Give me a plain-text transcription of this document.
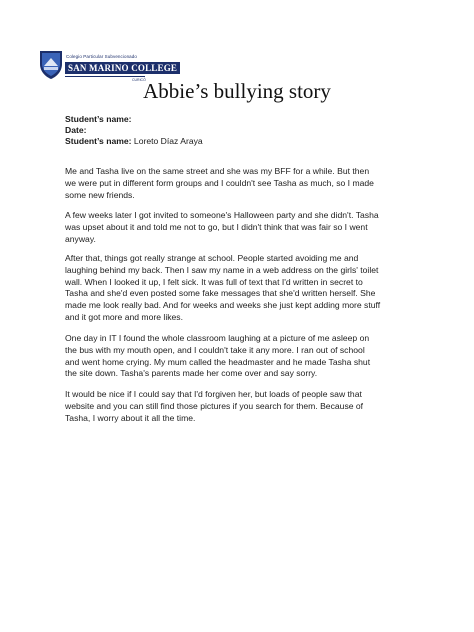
Colegio Particular Subvencionado
SAN MARINO COLLEGE
CURICÓ
Abbie’s bullying story
Student’s name:
Date:
Student’s name: Loreto Díaz Araya
Me and Tasha live on the same street and she was my BFF for a while. But then
we were put in different form groups and I couldn't see Tasha as much, so I made
some new friends.
A few weeks later I got invited to someone's Halloween party and she didn't. Tasha
was upset about it and told me not to go, but I didn't think that was fair so I went
anyway.
After that, things got really strange at school. People started avoiding me and
laughing behind my back. Then I saw my name in a web address on the girls' toilet
wall. When I looked it up, I felt sick. It was full of text that I'd written in secret to
Tasha and she'd even posted some fake messages that she'd written herself. She
made me look really bad. And for weeks and weeks she just kept adding more stuff
and it got more and more likes.
One day in IT I found the whole classroom laughing at a picture of me asleep on
the bus with my mouth open, and I couldn't take it any more. I ran out of school
and went home crying. My mum called the headmaster and he made Tasha shut
the site down. Tasha's parents made her come over and say sorry.
It would be nice if I could say that I'd forgiven her, but loads of people saw that
website and you can still find those pictures if you search for them. Because of
Tasha, I worry about it all the time.
